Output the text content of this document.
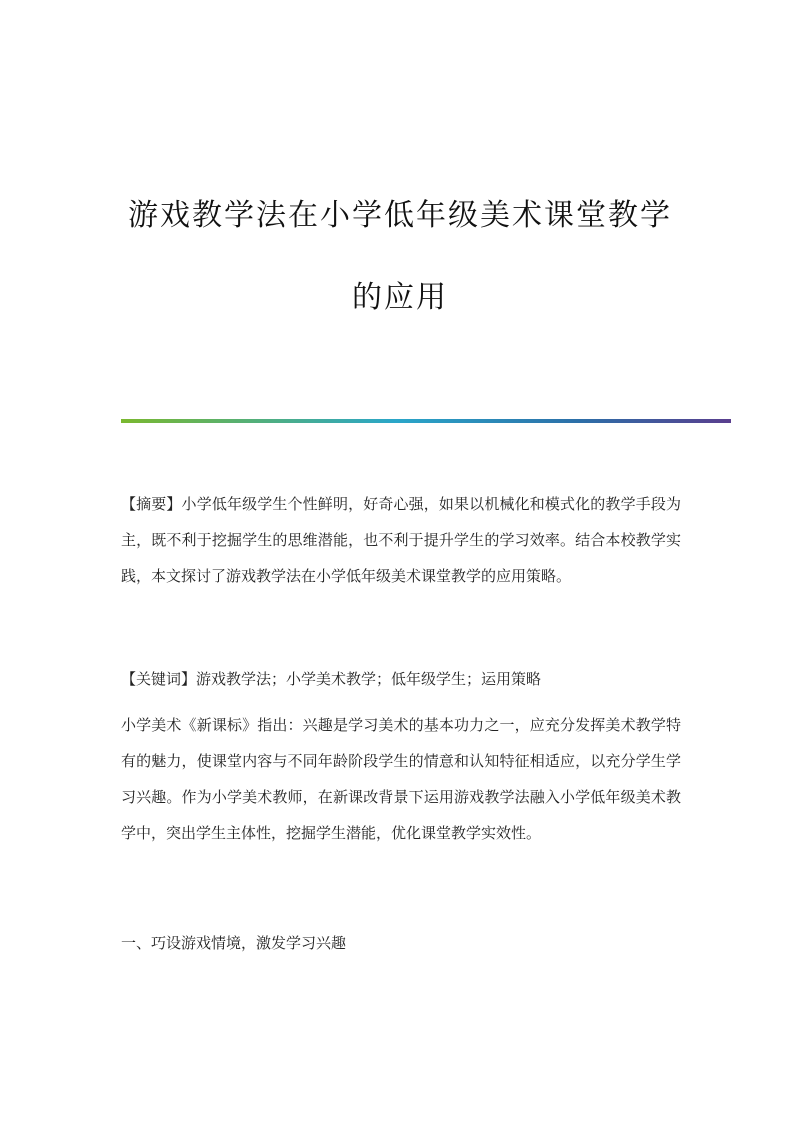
游戏教学法在小学低年级美术课堂教学
的应用
【摘要】小学低年级学生个性鲜明，好奇心强，如果以机械化和模式化的教学手段为主，既不利于挖掘学生的思维潜能，也不利于提升学生的学习效率。结合本校教学实践，本文探讨了游戏教学法在小学低年级美术课堂教学的应用策略。
【关键词】游戏教学法；小学美术教学；低年级学生；运用策略
小学美术《新课标》指出：兴趣是学习美术的基本功力之一，应充分发挥美术教学特有的魅力，使课堂内容与不同年龄阶段学生的情意和认知特征相适应，以充分学生学习兴趣。作为小学美术教师，在新课改背景下运用游戏教学法融入小学低年级美术教学中，突出学生主体性，挖掘学生潜能，优化课堂教学实效性。
一、巧设游戏情境，激发学习兴趣
